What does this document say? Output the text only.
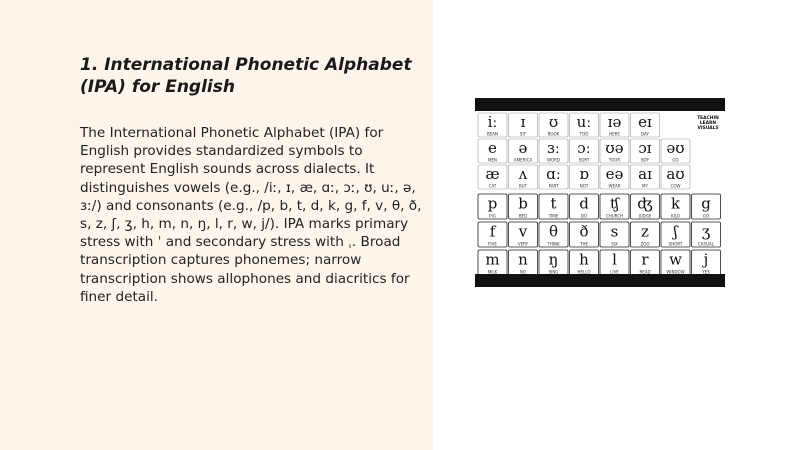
1. International Phonetic Alphabet (IPA) for English

The International Phonetic Alphabet (IPA) for English provides standardized symbols to represent English sounds across dialects. It distinguishes vowels (e.g., /iː, ɪ, æ, ɑː, ɔː, ʊ, uː, ə, ɜː/) and consonants (e.g., /p, b, t, d, k, g, f, v, θ, ð, s, z, ʃ, ʒ, h, m, n, ŋ, l, r, w, j/). IPA marks primary stress with ˈ and secondary stress with ˌ. Broad transcription captures phonemes; narrow transcription shows allophones and diacritics for finer detail.

iː
BEAN
ɪ
SIT
ʊ
BOOK
uː
TOO
ɪə
HERE
eɪ
DAY
e
MEN
ə
AMERICA
ɜː
WORD
ɔː
SORT
ʊə
TOUR
ɔɪ
BOY
əʊ
GO
æ
CAT
ʌ
BUT
ɑː
PART
ɒ
NOT
eə
WEAR
aɪ
MY
aʊ
COW
p
PIG
b
BED
t
TIME
d
DO
ʧ
CHURCH
ʤ
JUDGE
k
KILO
g
GO
f
FIVE
v
VERY
θ
THINK
ð
THE
s
SIX
z
ZOO
ʃ
SHORT
ʒ
CASUAL
m
MILK
n
NO
ŋ
SING
h
HELLO
l
LIVE
r
READ
w
WINDOW
j
YES
TEACHIN
LEARN
VISUALS
